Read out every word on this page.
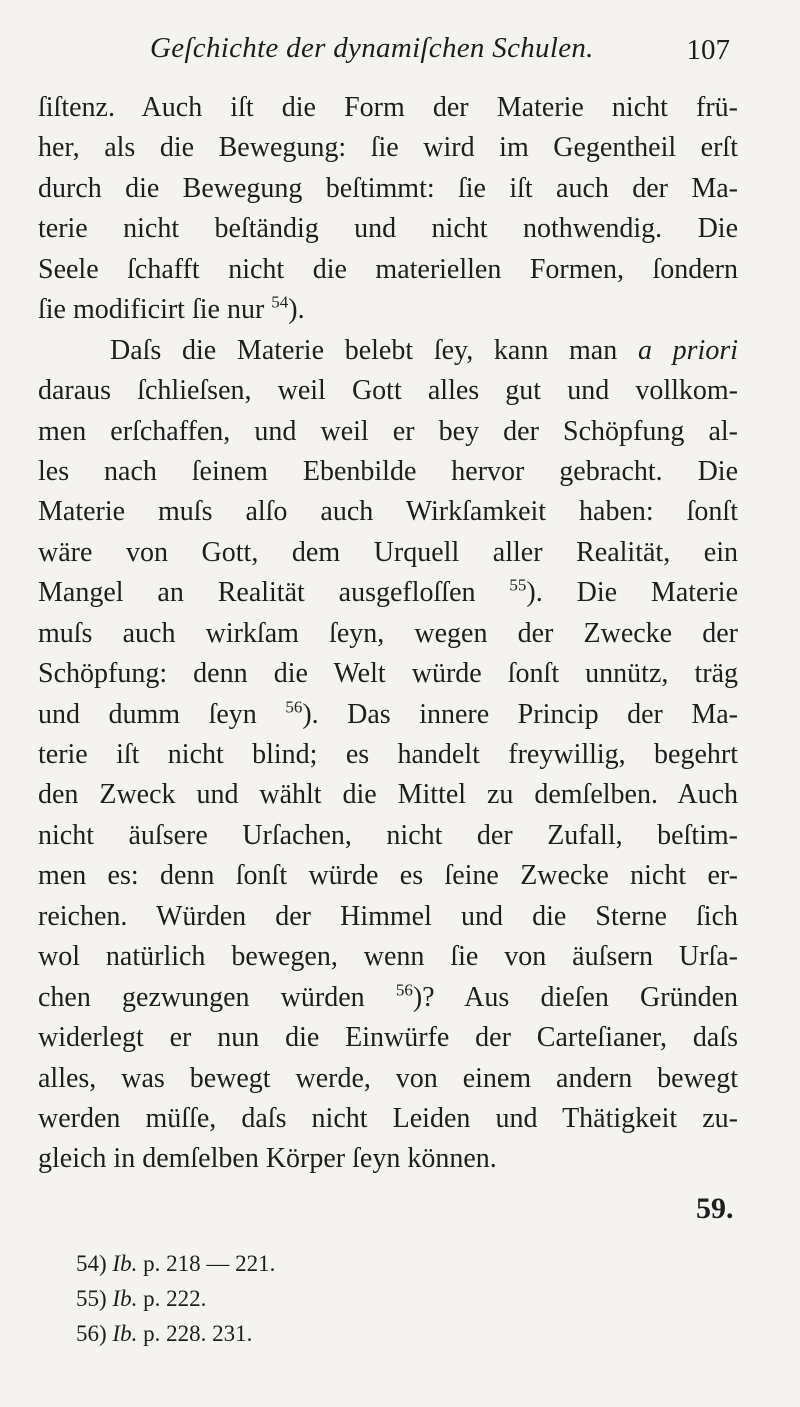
Geſchichte der dynamiſchen Schulen.	107
ſiſtenz. Auch iſt die Form der Materie nicht frü-
her, als die Bewegung: ſie wird im Gegentheil erſt
durch die Bewegung beſtimmt: ſie iſt auch der Ma-
terie nicht beſtändig und nicht nothwendig. Die
Seele ſchafft nicht die materiellen Formen, ſondern
ſie modificirt ſie nur $^{54}$).
Daſs die Materie belebt ſey, kann man a priori
daraus ſchlieſsen, weil Gott alles gut und vollkom-
men erſchaffen, und weil er bey der Schöpfung al-
les nach ſeinem Ebenbilde hervor gebracht. Die
Materie muſs alſo auch Wirkſamkeit haben: ſonſt
wäre von Gott, dem Urquell aller Realität, ein
Mangel an Realität ausgefloſſen $^{55}$). Die Materie
muſs auch wirkſam ſeyn, wegen der Zwecke der
Schöpfung: denn die Welt würde ſonſt unnütz, träg
und dumm ſeyn $^{56}$). Das innere Princip der Ma-
terie iſt nicht blind; es handelt freywillig, begehrt
den Zweck und wählt die Mittel zu demſelben. Auch
nicht äuſsere Urſachen, nicht der Zufall, beſtim-
men es: denn ſonſt würde es ſeine Zwecke nicht er-
reichen. Würden der Himmel und die Sterne ſich
wol natürlich bewegen, wenn ſie von äuſsern Urſa-
chen gezwungen würden $^{56}$)? Aus dieſen Gründen
widerlegt er nun die Einwürfe der Carteſianer, daſs
alles, was bewegt werde, von einem andern bewegt
werden müſſe, daſs nicht Leiden und Thätigkeit zu-
gleich in demſelben Körper ſeyn können.
59.
54) Ib. p. 218 — 221.
55) Ib. p. 222.
56) Ib. p. 228. 231.
